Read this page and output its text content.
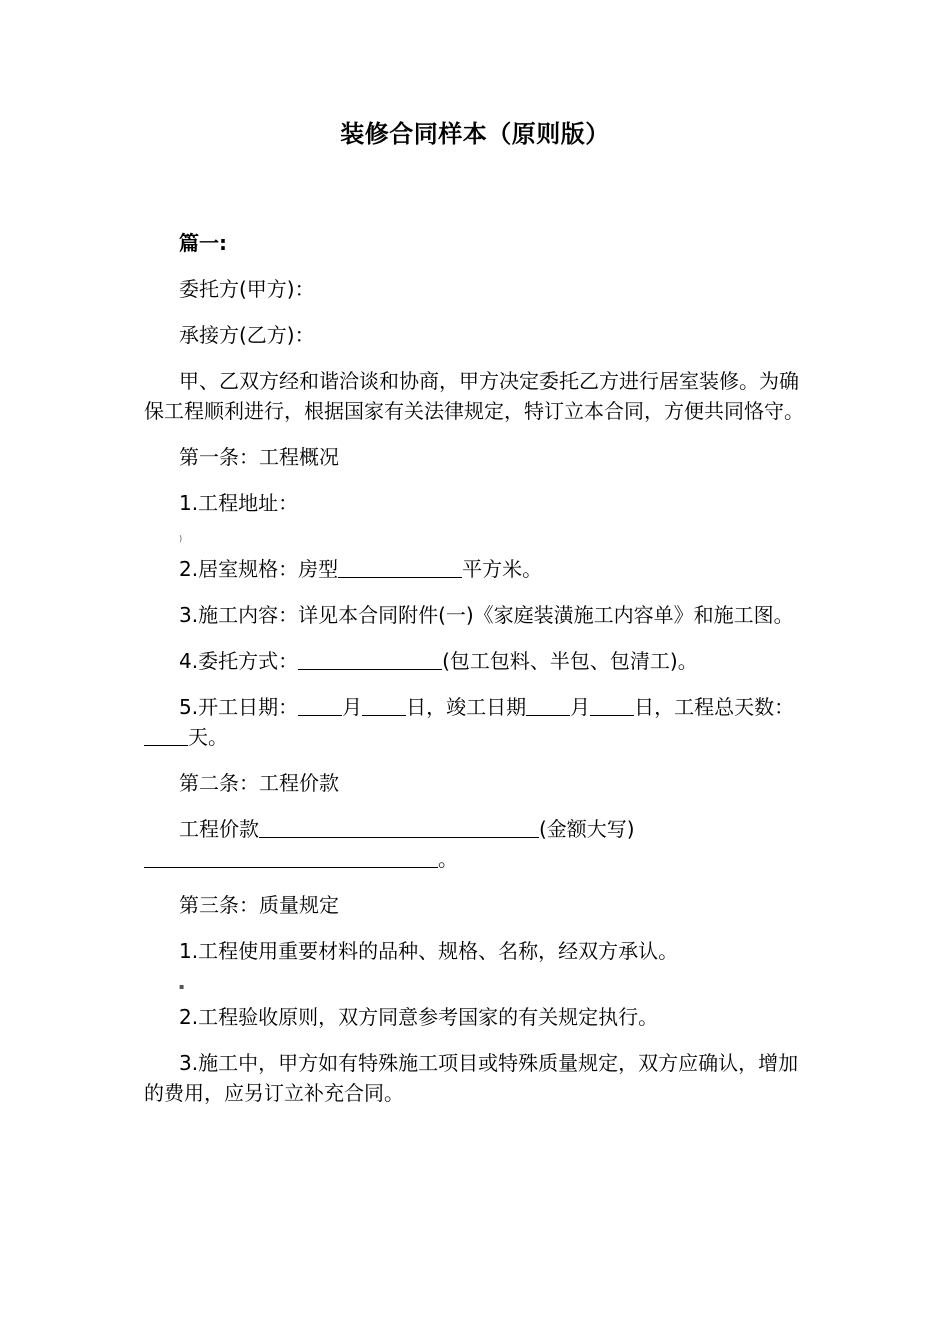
装修合同样本（原则版）

篇一:

委托方(甲方)：

承接方(乙方)：

甲、乙双方经和谐洽谈和协商，甲方决定委托乙方进行居室装修。为确保工程顺利进行，根据国家有关法律规定，特订立本合同，方便共同恪守。

第一条：工程概况

1.工程地址：

)

2.居室规格：房型	平方米。

3.施工内容：详见本合同附件(一)《家庭装潢施工内容单》和施工图。

4.委托方式：	(包工包料、半包、包清工)。

5.开工日期： 月 日，竣工日期 月 日，工程总天数：天。

第二条：工程价款

工程价款	(金额大写)。

第三条：质量规定

1.工程使用重要材料的品种、规格、名称，经双方承认。

▪

2.工程验收原则，双方同意参考国家的有关规定执行。

3.施工中，甲方如有特殊施工项目或特殊质量规定，双方应确认，增加的费用，应另订立补充合同。
